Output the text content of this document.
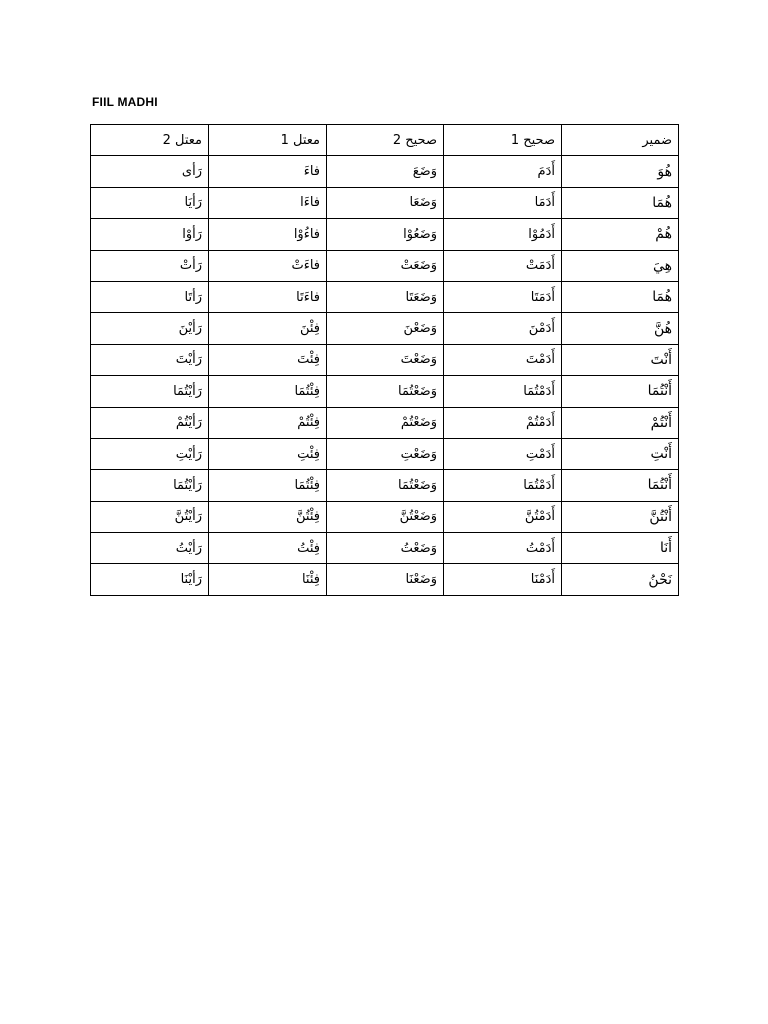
FIIL MADHI
معتل 2	معتل 1	صحيح 2	صحيح 1	ضمير
رَأى	فاءَ	وَضَعَ	أَدَمَ	هُوَ
رَأيَا	فاءَا	وَضَعَا	أَدَمَا	هُمَا
رَأوْا	فاءُوْا	وَضَعُوْا	أَدَمُوْا	هُمْ
رَأتْ	فاءَتْ	وَضَعَتْ	أَدَمَتْ	هِيَ
رَأتَا	فاءَتَا	وَضَعَتَا	أَدَمَتَا	هُمَا
رَأيْنَ	فِئْنَ	وَضَعْنَ	أَدَمْنَ	هُنَّ
رَأيْتَ	فِئْتَ	وَضَعْتَ	أَدَمْتَ	أَنْتَ
رَأيْتُمَا	فِئْتُمَا	وَضَعْتُمَا	أَدَمْتُمَا	أَنْتُمَا
رَأيْتُمْ	فِئْتُمْ	وَضَعْتُمْ	أَدَمْتُمْ	أَنْتُمْ
رَأيْتِ	فِئْتِ	وَضَعْتِ	أَدَمْتِ	أَنْتِ
رَأيْتُمَا	فِئْتُمَا	وَضَعْتُمَا	أَدَمْتُمَا	أَنْتُمَا
رَأيْتُنَّ	فِئْتُنَّ	وَضَعْتُنَّ	أَدَمْتُنَّ	أَنْتُنَّ
رَأيْتُ	فِئْتُ	وَضَعْتُ	أَدَمْتُ	أَنَا
رَأيْنَا	فِئْنَا	وَضَعْنَا	أَدَمْنَا	نَحْنُ
